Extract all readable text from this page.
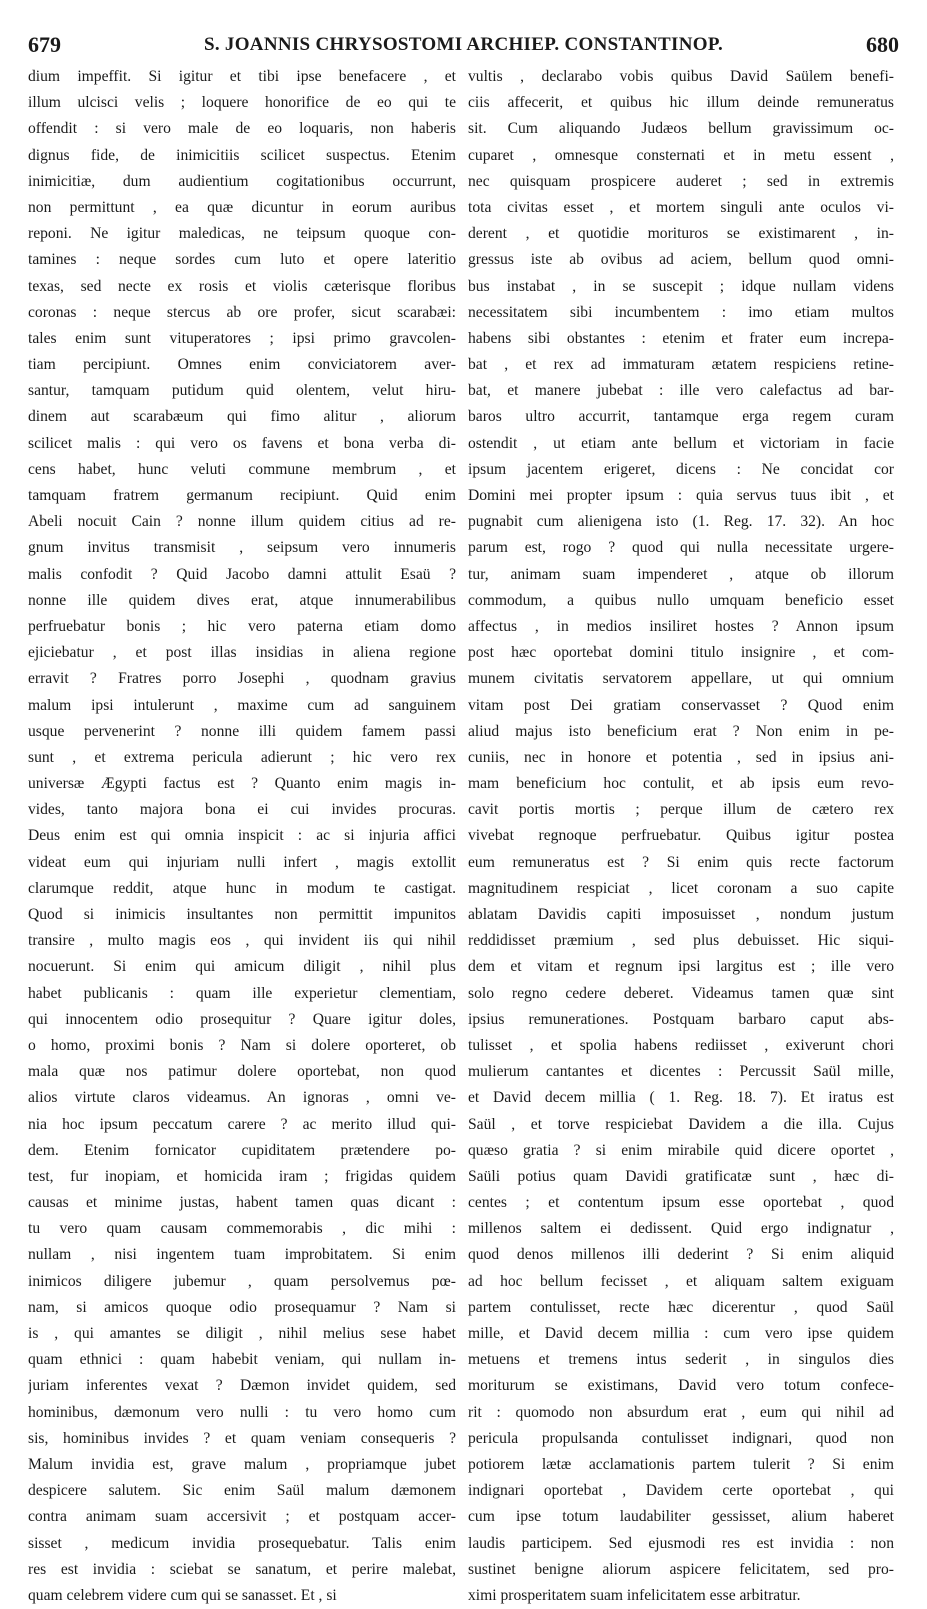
679	S. JOANNIS CHRYSOSTOMI ARCHIEP. CONSTANTINOP.	680
dium impeffit. Si igitur et tibi ipse benefacere , et
illum ulcisci velis ; loquere honorifice de eo qui te
offendit : si vero male de eo loquaris, non haberis
dignus fide, de inimicitiis scilicet suspectus. Etenim
inimicitiæ, dum audientium cogitationibus occurrunt,
non permittunt , ea quæ dicuntur in eorum auribus
reponi. Ne igitur maledicas, ne teipsum quoque con-
tamines : neque sordes cum luto et opere lateritio
texas, sed necte ex rosis et violis cæterisque floribus
coronas : neque stercus ab ore profer, sicut scarabæi:
tales enim sunt vituperatores ; ipsi primo gravcolen-
tiam percipiunt. Omnes enim conviciatorem aver-
santur, tamquam putidum quid olentem, velut hiru-
dinem aut scarabæum qui fimo alitur , aliorum
scilicet malis : qui vero os favens et bona verba di-
cens habet, hunc veluti commune membrum , et
tamquam fratrem germanum recipiunt. Quid enim
Abeli nocuit Cain ? nonne illum quidem citius ad re-
gnum invitus transmisit , seipsum vero innumeris
malis confodit ? Quid Jacobo damni attulit Esaü ?
nonne ille quidem dives erat, atque innumerabilibus
perfruebatur bonis ; hic vero paterna etiam domo
ejiciebatur , et post illas insidias in aliena regione
erravit ? Fratres porro Josephi , quodnam gravius
malum ipsi intulerunt , maxime cum ad sanguinem
usque pervenerint ? nonne illi quidem famem passi
sunt , et extrema pericula adierunt ; hic vero rex
universæ Ægypti factus est ? Quanto enim magis in-
vides, tanto majora bona ei cui invides procuras.
Deus enim est qui omnia inspicit : ac si injuria affici
videat eum qui injuriam nulli infert , magis extollit
clarumque reddit, atque hunc in modum te castigat.
Quod si inimicis insultantes non permittit impunitos
transire , multo magis eos , qui invident iis qui nihil
nocuerunt. Si enim qui amicum diligit , nihil plus
habet publicanis : quam ille experietur clementiam,
qui innocentem odio prosequitur ? Quare igitur doles,
o homo, proximi bonis ? Nam si dolere oporteret, ob
mala quæ nos patimur dolere oportebat, non quod
alios virtute claros videamus. An ignoras , omni ve-
nia hoc ipsum peccatum carere ? ac merito illud qui-
dem. Etenim fornicator cupiditatem prætendere po-
test, fur inopiam, et homicida iram ; frigidas quidem
causas et minime justas, habent tamen quas dicant :
tu vero quam causam commemorabis , dic mihi :
nullam , nisi ingentem tuam improbitatem. Si enim
inimicos diligere jubemur , quam persolvemus pœ-
nam, si amicos quoque odio prosequamur ? Nam si
is , qui amantes se diligit , nihil melius sese habet
quam ethnici : quam habebit veniam, qui nullam in-
juriam inferentes vexat ? Dæmon invidet quidem, sed
hominibus, dæmonum vero nulli : tu vero homo cum
sis, hominibus invides ? et quam veniam consequeris ?
Malum invidia est, grave malum , propriamque jubet
despicere salutem. Sic enim Saül malum dæmonem
contra animam suam accersivit ; et postquam accer-
sisset , medicum invidia prosequebatur. Talis enim
res est invidia : sciebat se sanatum, et perire malebat,
quam celebrem videre cum qui se sanasset. Et , si
vultis , declarabo vobis quibus David Saülem benefi-
ciis affecerit, et quibus hic illum deinde remuneratus
sit. Cum aliquando Judæos bellum gravissimum oc-
cuparet , omnesque consternati et in metu essent ,
nec quisquam prospicere auderet ; sed in extremis
tota civitas esset , et mortem singuli ante oculos vi-
derent , et quotidie morituros se existimarent , in-
gressus iste ab ovibus ad aciem, bellum quod omni-
bus instabat , in se suscepit ; idque nullam videns
necessitatem sibi incumbentem : imo etiam multos
habens sibi obstantes : etenim et frater eum increpa-
bat , et rex ad immaturam ætatem respiciens retine-
bat, et manere jubebat : ille vero calefactus ad bar-
baros ultro accurrit, tantamque erga regem curam
ostendit , ut etiam ante bellum et victoriam in facie
ipsum jacentem erigeret, dicens : Ne concidat cor
Domini mei propter ipsum : quia servus tuus ibit , et
pugnabit cum alienigena isto (1. Reg. 17. 32). An hoc
parum est, rogo ? quod qui nulla necessitate urgere-
tur, animam suam impenderet , atque ob illorum
commodum, a quibus nullo umquam beneficio esset
affectus , in medios insiliret hostes ? Annon ipsum
post hæc oportebat domini titulo insignire , et com-
munem civitatis servatorem appellare, ut qui omnium
vitam post Dei gratiam conservasset ? Quod enim
aliud majus isto beneficium erat ? Non enim in pe-
cuniis, nec in honore et potentia , sed in ipsius ani-
mam beneficium hoc contulit, et ab ipsis eum revo-
cavit portis mortis ; perque illum de cætero rex
vivebat regnoque perfruebatur. Quibus igitur postea
eum remuneratus est ? Si enim quis recte factorum
magnitudinem respiciat , licet coronam a suo capite
ablatam Davidis capiti imposuisset , nondum justum
reddidisset præmium , sed plus debuisset. Hic siqui-
dem et vitam et regnum ipsi largitus est ; ille vero
solo regno cedere deberet. Videamus tamen quæ sint
ipsius remunerationes. Postquam barbaro caput abs-
tulisset , et spolia habens rediisset , exiverunt chori
mulierum cantantes et dicentes : Percussit Saül mille,
et David decem millia ( 1. Reg. 18. 7). Et iratus est
Saül , et torve respiciebat Davidem a die illa. Cujus
quæso gratia ? si enim mirabile quid dicere oportet ,
Saüli potius quam Davidi gratificatæ sunt , hæc di-
centes ; et contentum ipsum esse oportebat , quod
millenos saltem ei dedissent. Quid ergo indignatur ,
quod denos millenos illi dederint ? Si enim aliquid
ad hoc bellum fecisset , et aliquam saltem exiguam
partem contulisset, recte hæc dicerentur , quod Saül
mille, et David decem millia : cum vero ipse quidem
metuens et tremens intus sederit , in singulos dies
moriturum se existimans, David vero totum confece-
rit : quomodo non absurdum erat , eum qui nihil ad
pericula propulsanda contulisset indignari, quod non
potiorem lætæ acclamationis partem tulerit ? Si enim
indignari oportebat , Davidem certe oportebat , qui
cum ipse totum laudabiliter gessisset, alium haberet
laudis participem. Sed ejusmodi res est invidia : non
sustinet benigne aliorum aspicere felicitatem, sed pro-
ximi prosperitatem suam infelicitatem esse arbitratur.
